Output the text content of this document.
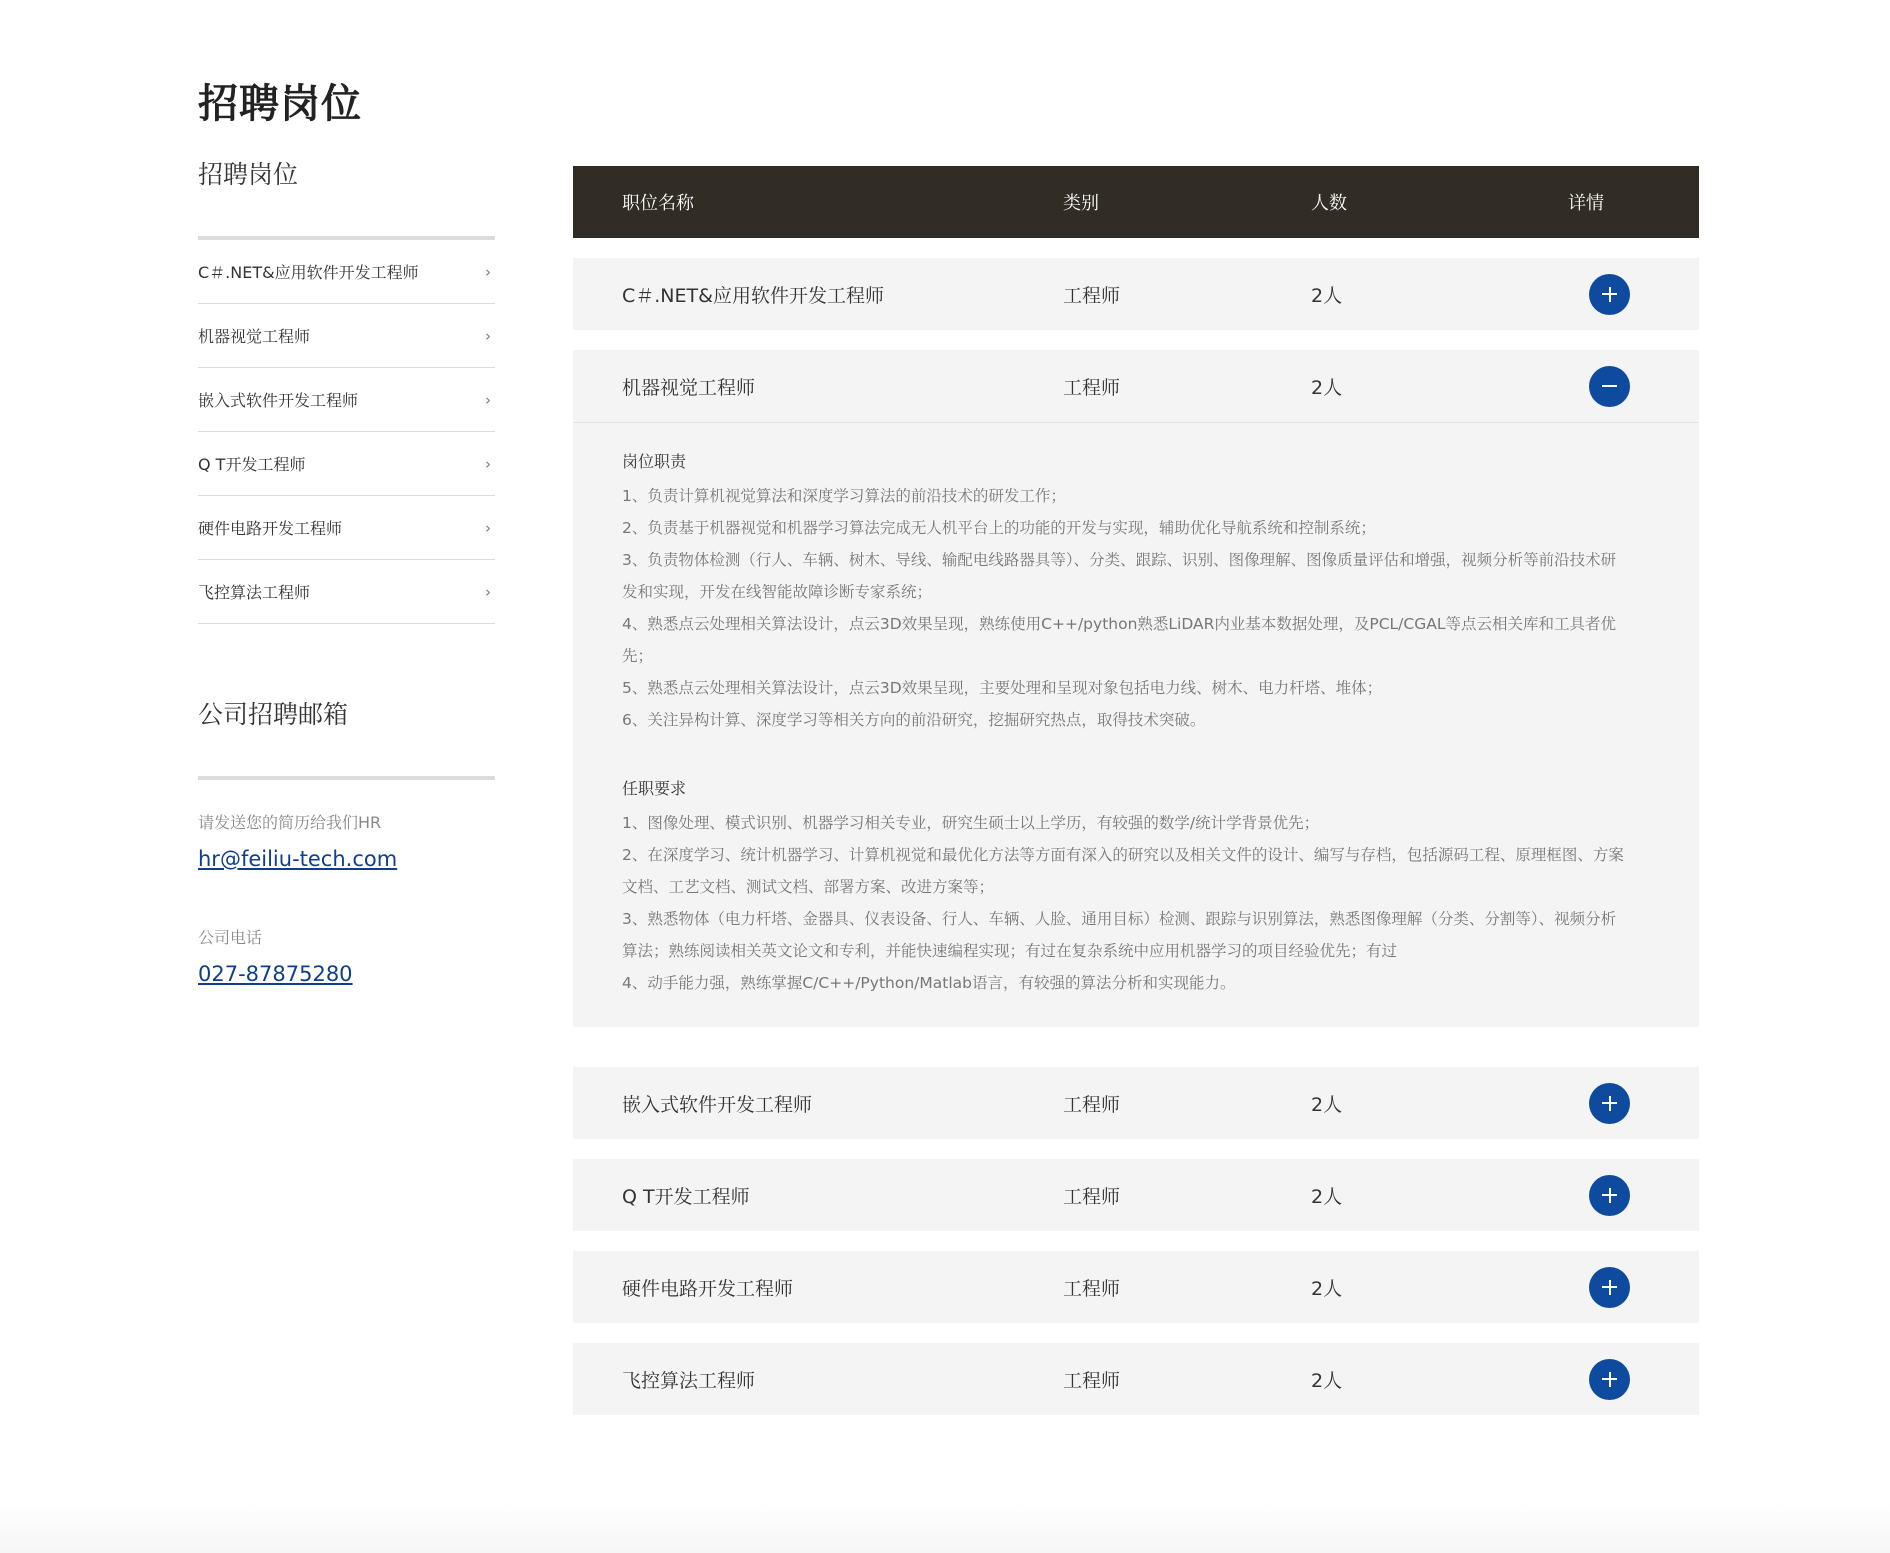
招聘岗位
招聘岗位
C＃.NET&应用软件开发工程师	›
机器视觉工程师	›
嵌入式软件开发工程师	›
Q T开发工程师	›
硬件电路开发工程师	›
飞控算法工程师	›
公司招聘邮箱
请发送您的简历给我们HR
hr@feiliu-tech.com
公司电话
027-87875280
职位名称	类别	人数	详情
C＃.NET&应用软件开发工程师	工程师	2人
机器视觉工程师	工程师	2人
岗位职责

1、负责计算机视觉算法和深度学习算法的前沿技术的研发工作；

2、负责基于机器视觉和机器学习算法完成无人机平台上的功能的开发与实现，辅助优化导航系统和控制系统；

3、负责物体检测（行人、车辆、树木、导线、输配电线路器具等）、分类、跟踪、识别、图像理解、图像质量评估和增强，视频分析等前沿技术研发和实现，开发在线智能故障诊断专家系统；

4、熟悉点云处理相关算法设计，点云3D效果呈现，熟练使用C++/python熟悉LiDAR内业基本数据处理，及PCL/CGAL等点云相关库和工具者优先；

5、熟悉点云处理相关算法设计，点云3D效果呈现，主要处理和呈现对象包括电力线、树木、电力杆塔、堆体；

6、关注异构计算、深度学习等相关方向的前沿研究，挖掘研究热点，取得技术突破。

任职要求

1、图像处理、模式识别、机器学习相关专业，研究生硕士以上学历，有较强的数学/统计学背景优先；

2、在深度学习、统计机器学习、计算机视觉和最优化方法等方面有深入的研究以及相关文件的设计、编写与存档，包括源码工程、原理框图、方案文档、工艺文档、测试文档、部署方案、改进方案等；

3、熟悉物体（电力杆塔、金器具、仪表设备、行人、车辆、人脸、通用目标）检测、跟踪与识别算法，熟悉图像理解（分类、分割等）、视频分析算法；熟练阅读相关英文论文和专利，并能快速编程实现；有过在复杂系统中应用机器学习的项目经验优先；有过

4、动手能力强，熟练掌握C/C++/Python/Matlab语言，有较强的算法分析和实现能力。

嵌入式软件开发工程师	工程师	2人
Q T开发工程师	工程师	2人
硬件电路开发工程师	工程师	2人
飞控算法工程师	工程师	2人
